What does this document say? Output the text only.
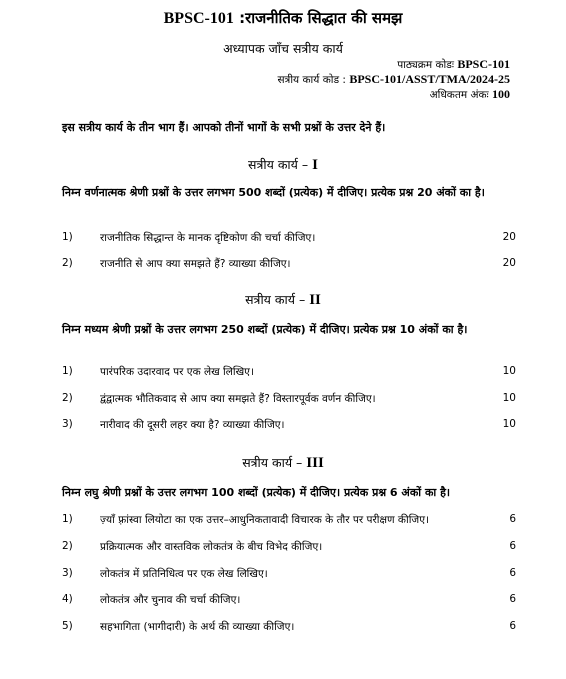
BPSC-101 :राजनीतिक सिद्धात की समझ
अध्यापक जाँच सत्रीय कार्य
पाठ्यक्रम कोडः BPSC-101
सत्रीय कार्य कोड : BPSC-101/ASST/TMA/2024-25
अधिकतम अंकः 100
इस सत्रीय कार्य के तीन भाग हैं। आपको तीनों भागों के सभी प्रश्नों के उत्तर देने हैं।
सत्रीय कार्य – I
निम्न वर्णनात्मक श्रेणी प्रश्नों के उत्तर लगभग 500 शब्दों (प्रत्येक) में दीजिए। प्रत्येक प्रश्न 20 अंकों का है।
1)	राजनीतिक सिद्धान्त के मानक दृष्टिकोण की चर्चा कीजिए।	20
2)	राजनीति से आप क्या समझते हैं? व्याख्या कीजिए।	20
सत्रीय कार्य – II
निम्न मध्यम श्रेणी प्रश्नों के उत्तर लगभग 250 शब्दों (प्रत्येक) में दीजिए। प्रत्येक प्रश्न 10 अंकों का है।
1)	पारंपरिक उदारवाद पर एक लेख लिखिए।	10
2)	द्वंद्वात्मक भौतिकवाद से आप क्या समझते हैं? विस्तारपूर्वक वर्णन कीजिए।	10
3)	नारीवाद की दूसरी लहर क्या है? व्याख्या कीजिए।	10
सत्रीय कार्य – III
निम्न लघु श्रेणी प्रश्नों के उत्तर लगभग 100 शब्दों (प्रत्येक) में दीजिए। प्रत्येक प्रश्न 6 अंकों का है।
1)	ज़्याँ फ़्रांस्वा लियोटा का एक उत्तर–आधुनिकतावादी विचारक के तौर पर परीक्षण कीजिए।	6
2)	प्रक्रियात्मक और वास्तविक लोकतंत्र के बीच विभेद कीजिए।	6
3)	लोकतंत्र में प्रतिनिधित्व पर एक लेख लिखिए।	6
4)	लोकतंत्र और चुनाव की चर्चा कीजिए।	6
5)	सहभागिता (भागीदारी) के अर्थ की व्याख्या कीजिए।	6
